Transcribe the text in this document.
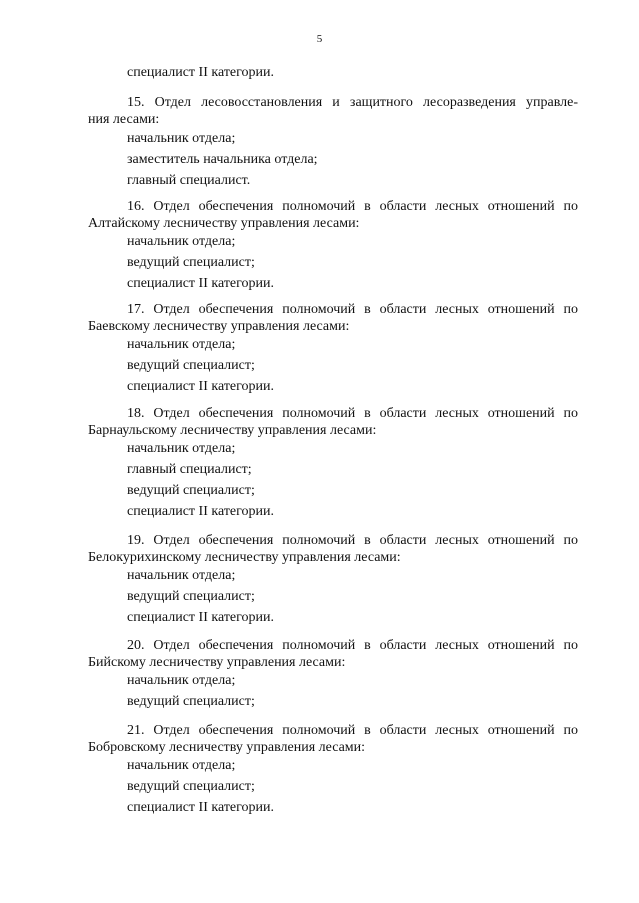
5
специалист II категории.
15. Отдел лесовосстановления и защитного лесоразведения управле-
ния лесами:
начальник отдела;
заместитель начальника отдела;
главный специалист.
16. Отдел обеспечения полномочий в области лесных отношений по
Алтайскому лесничеству управления лесами:
начальник отдела;
ведущий специалист;
специалист II категории.
17. Отдел обеспечения полномочий в области лесных отношений по
Баевскому лесничеству управления лесами:
начальник отдела;
ведущий специалист;
специалист II категории.
18. Отдел обеспечения полномочий в области лесных отношений по
Барнаульскому лесничеству управления лесами:
начальник отдела;
главный специалист;
ведущий специалист;
специалист II категории.
19. Отдел обеспечения полномочий в области лесных отношений по
Белокурихинскому лесничеству управления лесами:
начальник отдела;
ведущий специалист;
специалист II категории.
20. Отдел обеспечения полномочий в области лесных отношений по
Бийскому лесничеству управления лесами:
начальник отдела;
ведущий специалист;
21. Отдел обеспечения полномочий в области лесных отношений по
Бобровскому лесничеству управления лесами:
начальник отдела;
ведущий специалист;
специалист II категории.
